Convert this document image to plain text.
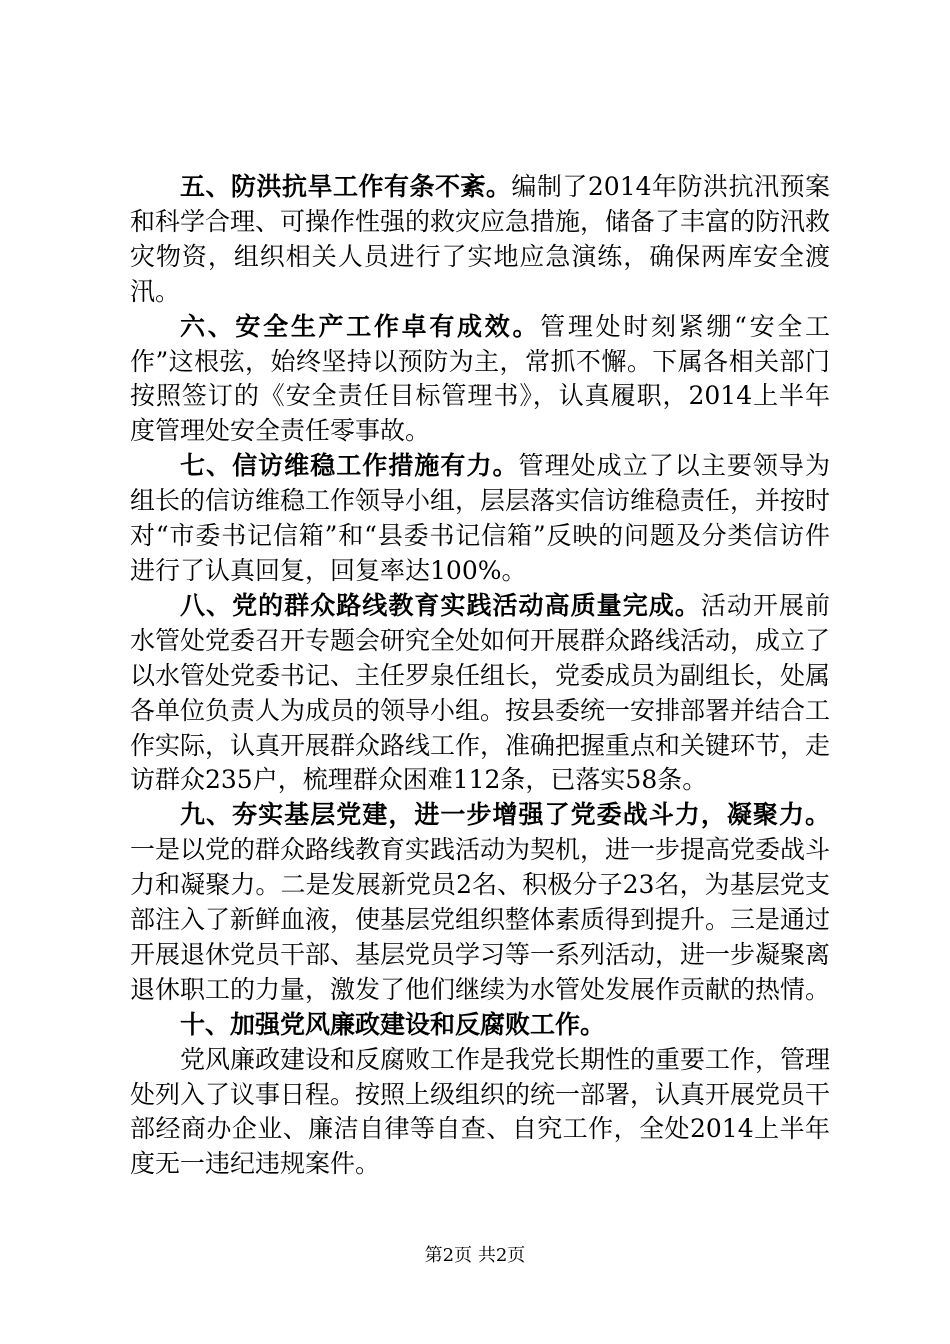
五、防洪抗旱工作有条不紊。编制了2014年防洪抗汛预案和科学合理、可操作性强的救灾应急措施，储备了丰富的防汛救灾物资，组织相关人员进行了实地应急演练，确保两库安全渡汛。

六、安全生产工作卓有成效。管理处时刻紧绷“安全工作”这根弦，始终坚持以预防为主，常抓不懈。下属各相关部门按照签订的《安全责任目标管理书》，认真履职，2014上半年度管理处安全责任零事故。

七、信访维稳工作措施有力。管理处成立了以主要领导为组长的信访维稳工作领导小组，层层落实信访维稳责任，并按时对“市委书记信箱”和“县委书记信箱”反映的问题及分类信访件进行了认真回复，回复率达100%。

八、党的群众路线教育实践活动高质量完成。活动开展前水管处党委召开专题会研究全处如何开展群众路线活动，成立了以水管处党委书记、主任罗泉任组长，党委成员为副组长，处属各单位负责人为成员的领导小组。按县委统一安排部署并结合工作实际，认真开展群众路线工作，准确把握重点和关键环节，走访群众235户，梳理群众困难112条，已落实58条。

九、夯实基层党建，进一步增强了党委战斗力，凝聚力。一是以党的群众路线教育实践活动为契机，进一步提高党委战斗力和凝聚力。二是发展新党员2名、积极分子23名，为基层党支部注入了新鲜血液，使基层党组织整体素质得到提升。三是通过开展退休党员干部、基层党员学习等一系列活动，进一步凝聚离退休职工的力量，激发了他们继续为水管处发展作贡献的热情。

十、加强党风廉政建设和反腐败工作。

党风廉政建设和反腐败工作是我党长期性的重要工作，管理处列入了议事日程。按照上级组织的统一部署，认真开展党员干部经商办企业、廉洁自律等自查、自究工作，全处2014上半年度无一违纪违规案件。

第2页 共2页
